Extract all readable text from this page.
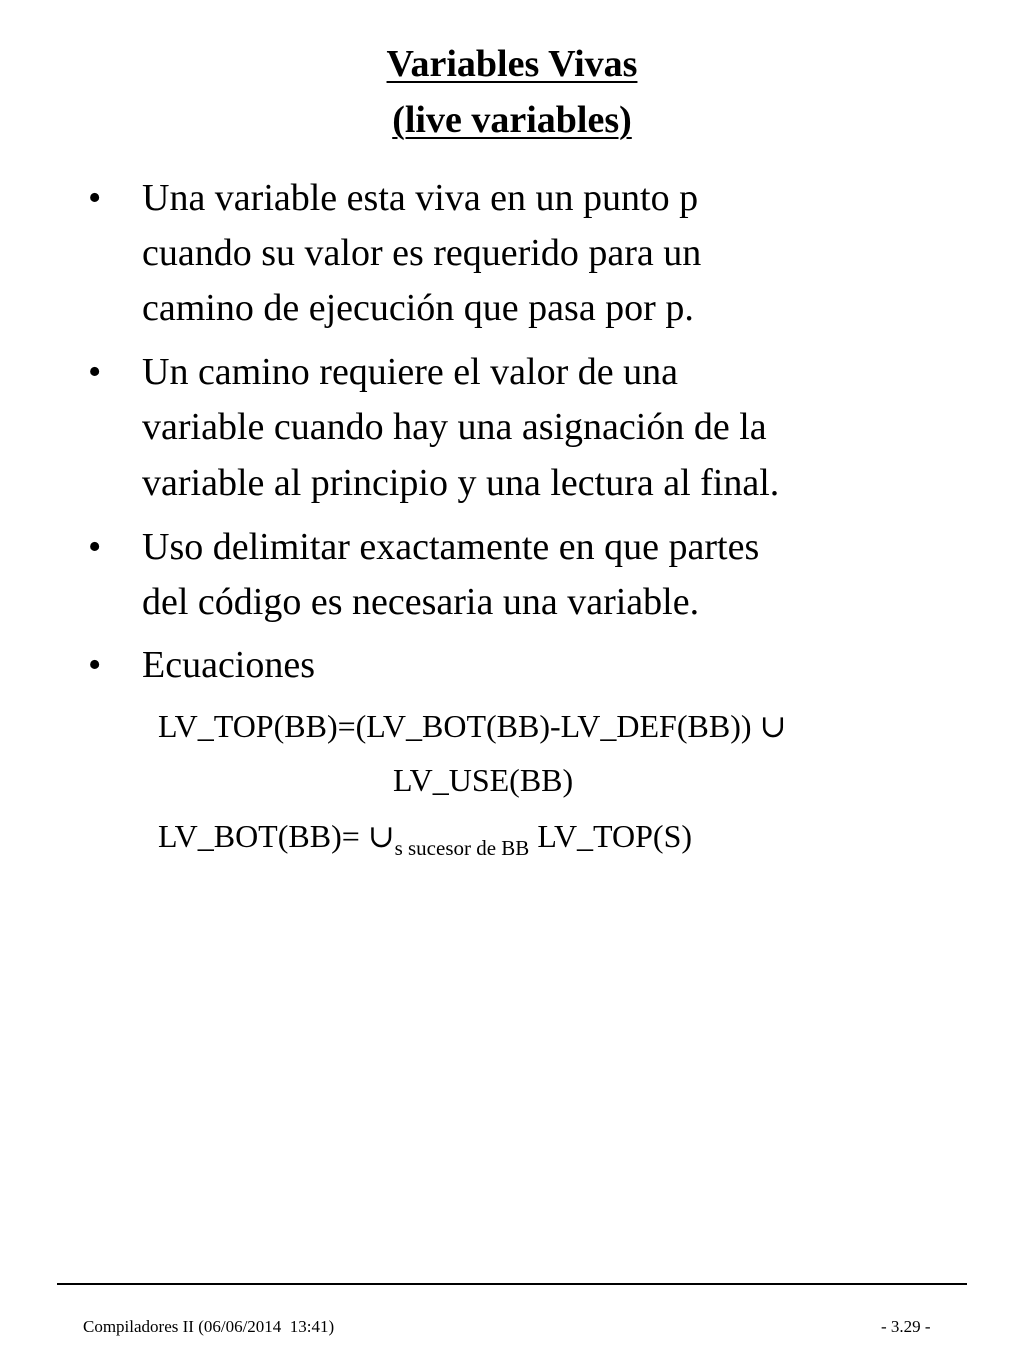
Variables Vivas
(live variables)
• Una variable esta viva en un punto p
cuando su valor es requerido para un
camino de ejecución que pasa por p.
• Un camino requiere el valor de una
variable cuando hay una asignación de la
variable al principio y una lectura al final.
• Uso delimitar exactamente en que partes
del código es necesaria una variable.
• Ecuaciones
LV_TOP(BB)=(LV_BOT(BB)-LV_DEF(BB)) ∪
LV_USE(BB)
LV_BOT(BB)= $\cup_{s sucesor de BB}$ LV_TOP(S)
Compiladores II (06/06/2014  13:41)	- 3.29 -
